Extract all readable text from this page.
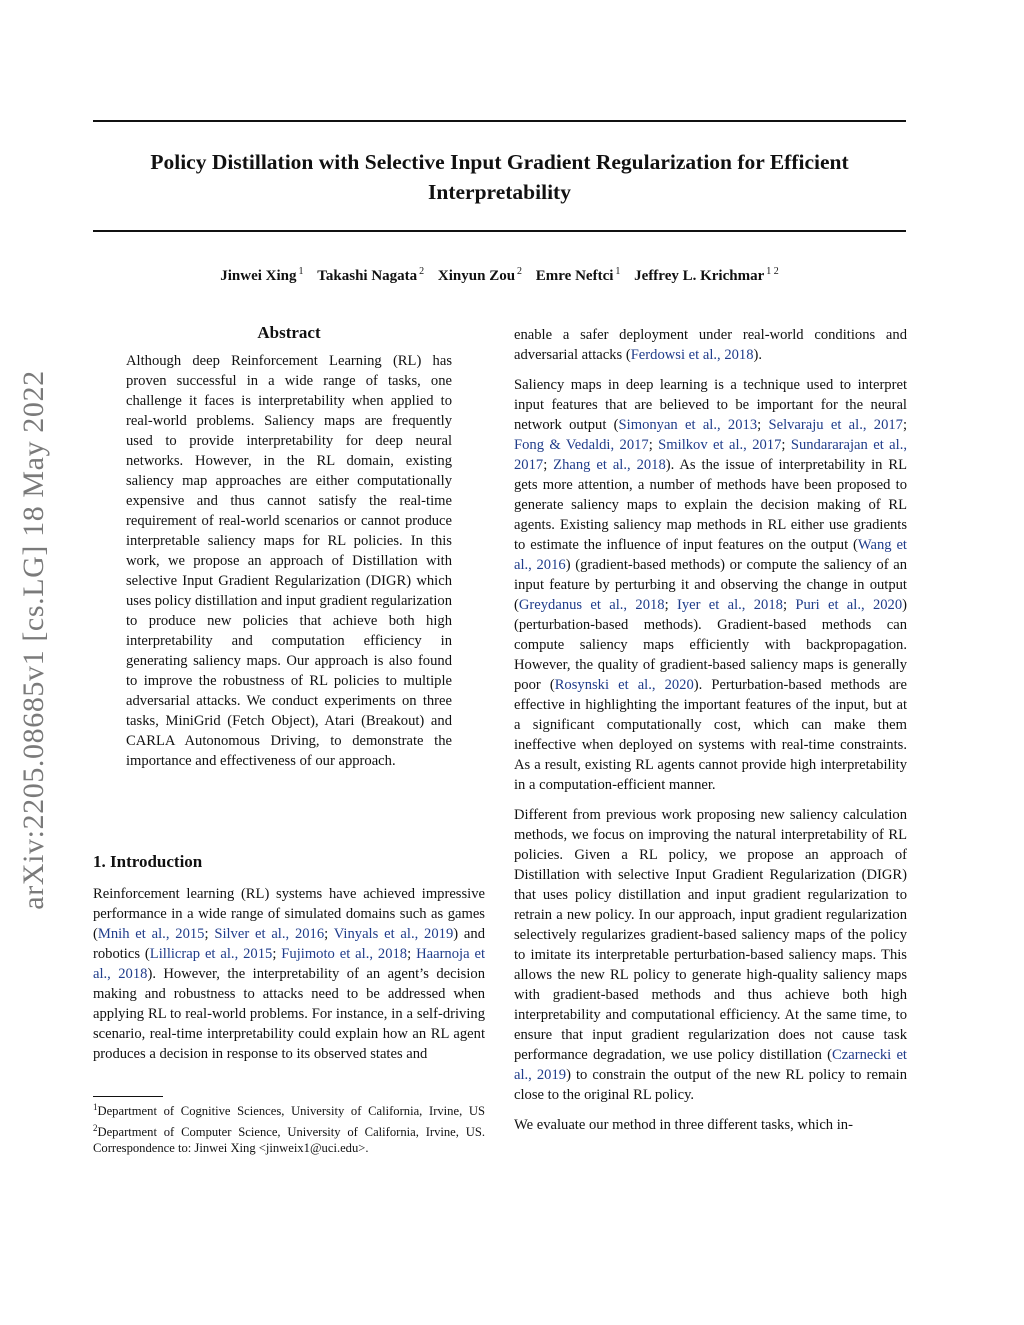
arXiv:2205.08685v1 [cs.LG] 18 May 2022
Policy Distillation with Selective Input Gradient Regularization for Efficient Interpretability
Jinwei Xing $^1$ Takashi Nagata $^2$ Xinyun Zou $^2$ Emre Neftci $^1$ Jeffrey L. Krichmar $^{1 2}$
Abstract

Although deep Reinforcement Learning (RL) has proven successful in a wide range of tasks, one challenge it faces is interpretability when applied to real-world problems. Saliency maps are frequently used to provide interpretability for deep neural networks. However, in the RL domain, existing saliency map approaches are either computationally expensive and thus cannot satisfy the real-time requirement of real-world scenarios or cannot produce interpretable saliency maps for RL policies. In this work, we propose an approach of Distillation with selective Input Gradient Regularization (DIGR) which uses policy distillation and input gradient regularization to produce new policies that achieve both high interpretability and computation efficiency in generating saliency maps. Our approach is also found to improve the robustness of RL policies to multiple adversarial attacks. We conduct experiments on three tasks, MiniGrid (Fetch Object), Atari (Breakout) and CARLA Autonomous Driving, to demonstrate the importance and effectiveness of our approach.

1. Introduction

Reinforcement learning (RL) systems have achieved impressive performance in a wide range of simulated domains such as games (Mnih et al., 2015; Silver et al., 2016; Vinyals et al., 2019) and robotics (Lillicrap et al., 2015; Fujimoto et al., 2018; Haarnoja et al., 2018). However, the interpretability of an agent’s decision making and robustness to attacks need to be addressed when applying RL to real-world problems. For instance, in a self-driving scenario, real-time interpretability could explain how an RL agent produces a decision in response to its observed states and

$^1$Department of Cognitive Sciences, University of California, Irvine, US $^2$Department of Computer Science, University of California, Irvine, US. Correspondence to: Jinwei Xing <jinweix1@uci.edu>.

enable a safer deployment under real-world conditions and adversarial attacks (Ferdowsi et al., 2018).

Saliency maps in deep learning is a technique used to interpret input features that are believed to be important for the neural network output (Simonyan et al., 2013; Selvaraju et al., 2017; Fong & Vedaldi, 2017; Smilkov et al., 2017; Sundararajan et al., 2017; Zhang et al., 2018). As the issue of interpretability in RL gets more attention, a number of methods have been proposed to generate saliency maps to explain the decision making of RL agents. Existing saliency map methods in RL either use gradients to estimate the influence of input features on the output (Wang et al., 2016) (gradient-based methods) or compute the saliency of an input feature by perturbing it and observing the change in output (Greydanus et al., 2018; Iyer et al., 2018; Puri et al., 2020) (perturbation-based methods). Gradient-based methods can compute saliency maps efficiently with backpropagation. However, the quality of gradient-based saliency maps is generally poor (Rosynski et al., 2020). Perturbation-based methods are effective in highlighting the important features of the input, but at a significant computationally cost, which can make them ineffective when deployed on systems with real-time constraints. As a result, existing RL agents cannot provide high interpretability in a computation-efficient manner.

Different from previous work proposing new saliency calculation methods, we focus on improving the natural interpretability of RL policies. Given a RL policy, we propose an approach of Distillation with selective Input Gradient Regularization (DIGR) that uses policy distillation and input gradient regularization to retrain a new policy. In our approach, input gradient regularization selectively regularizes gradient-based saliency maps of the policy to imitate its interpretable perturbation-based saliency maps. This allows the new RL policy to generate high-quality saliency maps with gradient-based methods and thus achieve both high interpretability and computational efficiency. At the same time, to ensure that input gradient regularization does not cause task performance degradation, we use policy distillation (Czarnecki et al., 2019) to constrain the output of the new RL policy to remain close to the original RL policy.

We evaluate our method in three different tasks, which in-
